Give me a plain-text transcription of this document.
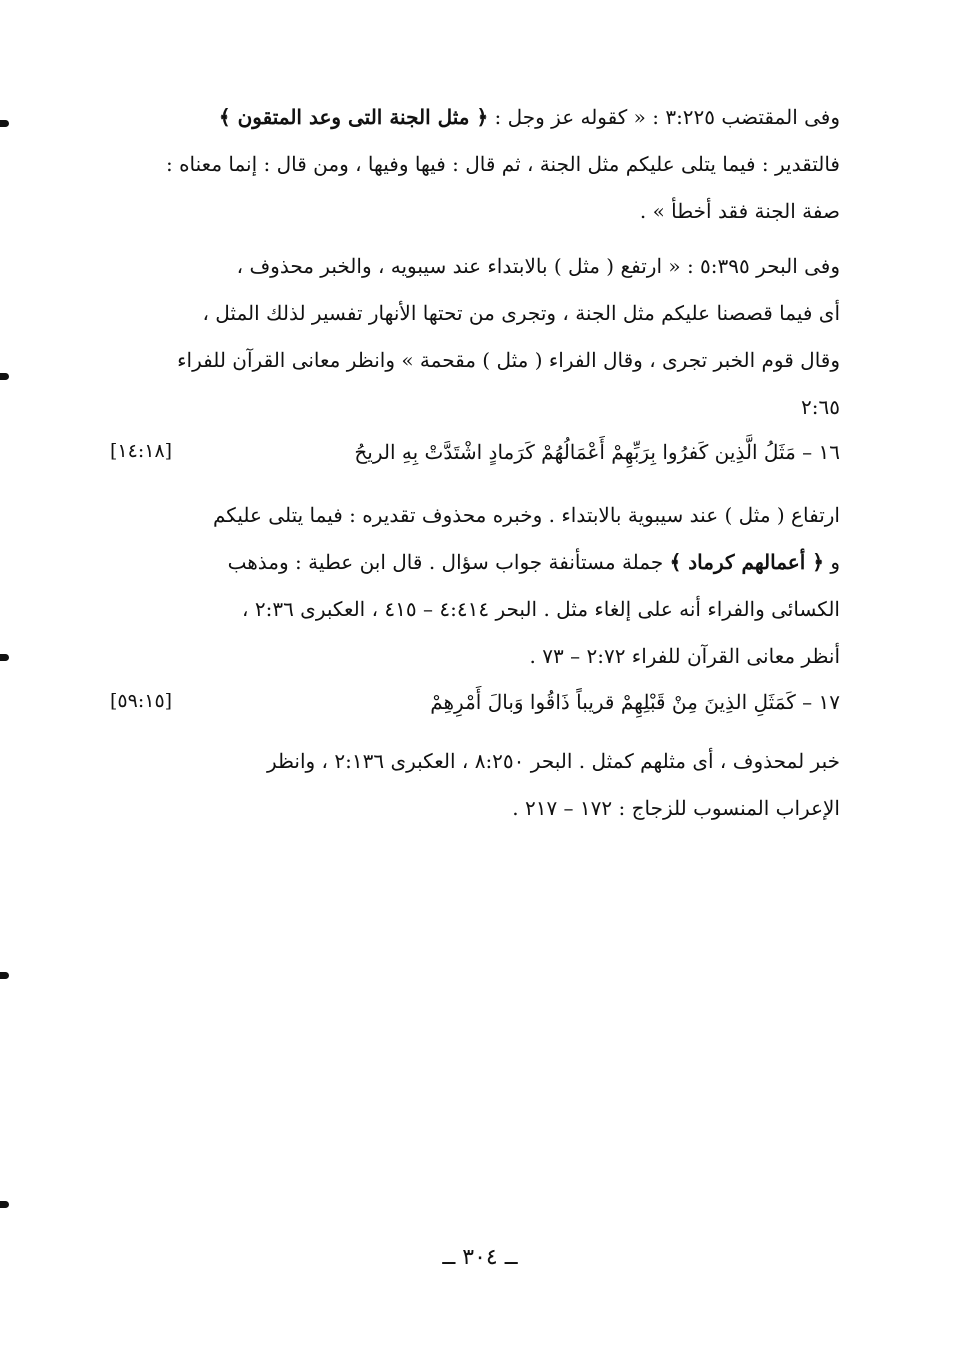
وفى المقتضب ٣:٢٢٥ : « كقوله عز وجل : ﴿ مثل الجنة التى وعد المتقون ﴾
فالتقدير : فيما يتلى عليكم مثل الجنة ، ثم قال : فيها وفيها ، ومن قال : إنما معناه :
صفة الجنة فقد أخطأ » .
وفى البحر ٥:٣٩٥ : « ارتفع ( مثل ) بالابتداء عند سيبويه ، والخبر محذوف ،
أى فيما قصصنا عليكم مثل الجنة ، وتجرى من تحتها الأنهار تفسير لذلك المثل ،
وقال قوم الخبر تجرى ، وقال الفراء ( مثل ) مقحمة » وانظر معانى القرآن للفراء
٢:٦٥
١٦ – مَثَلُ الَّذِين كَفرُوا بِرَبِّهِمْ أَعْمَالُهُمْ كَرَمادٍ اشْتَدَّتْ بِهِ الريحُ
[١٤:١٨]
ارتفاع ( مثل ) عند سيبوية بالابتداء . وخبره محذوف تقديره : فيما يتلى عليكم
و ﴿ أعمالهم كرماد ﴾ جملة مستأنفة جواب سؤال . قال ابن عطية : ومذهب
الكسائى والفراء أنه على إلغاء مثل . البحر ٤:٤١٤ – ٤١٥ ، العكبرى ٢:٣٦ ،
أنظر معانى القرآن للفراء ٢:٧٢ – ٧٣ .
١٧ – كَمَثَلِ الذِينَ مِنْ قَبْلِهِمْ قريباً ذَاقُوا وَبالَ أَمْرِهِمْ
[٥٩:١٥]
خبر لمحذوف ، أى مثلهم كمثل . البحر ٨:٢٥٠ ، العكبرى ٢:١٣٦ ، وانظر
الإعراب المنسوب للزجاج : ١٧٢ – ٢١٧ .
ــ ٣٠٤ ــ
